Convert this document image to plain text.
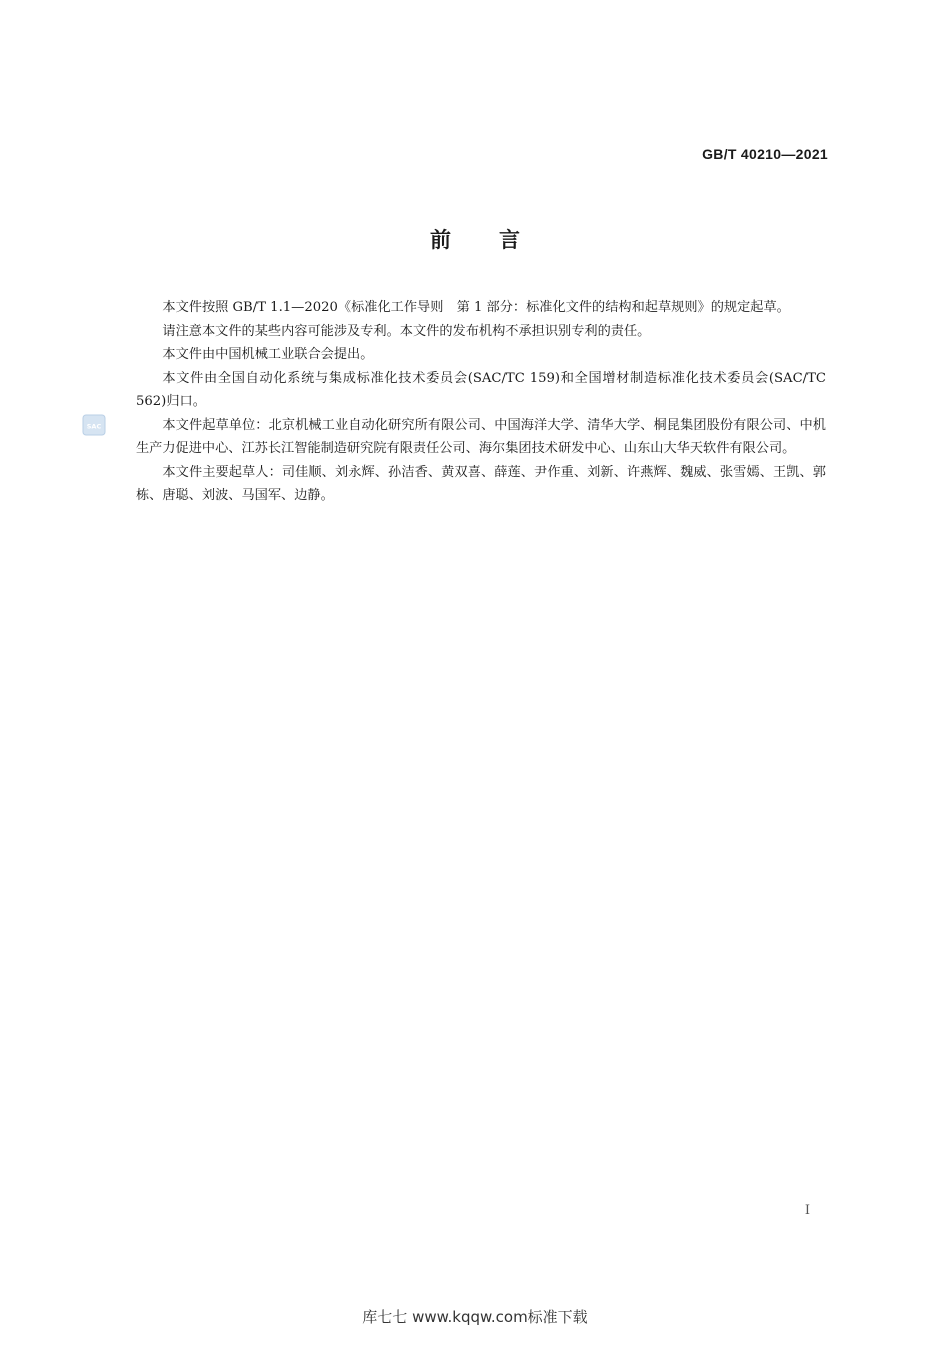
GB/T 40210—2021
前言
SAC

本文件按照 GB/T 1.1—2020《标准化工作导则　第 1 部分：标准化文件的结构和起草规则》的规定起草。

请注意本文件的某些内容可能涉及专利。本文件的发布机构不承担识别专利的责任。

本文件由中国机械工业联合会提出。

本文件由全国自动化系统与集成标准化技术委员会(SAC/TC 159)和全国增材制造标准化技术委员会(SAC/TC 562)归口。

本文件起草单位：北京机械工业自动化研究所有限公司、中国海洋大学、清华大学、桐昆集团股份有限公司、中机生产力促进中心、江苏长江智能制造研究院有限责任公司、海尔集团技术研发中心、山东山大华天软件有限公司。

本文件主要起草人：司佳顺、刘永辉、孙洁香、黄双喜、薛莲、尹作重、刘新、许燕辉、魏威、张雪嫣、王凯、郭栋、唐聪、刘波、马国军、边静。

I
库七七 www.kqqw.com标准下载
